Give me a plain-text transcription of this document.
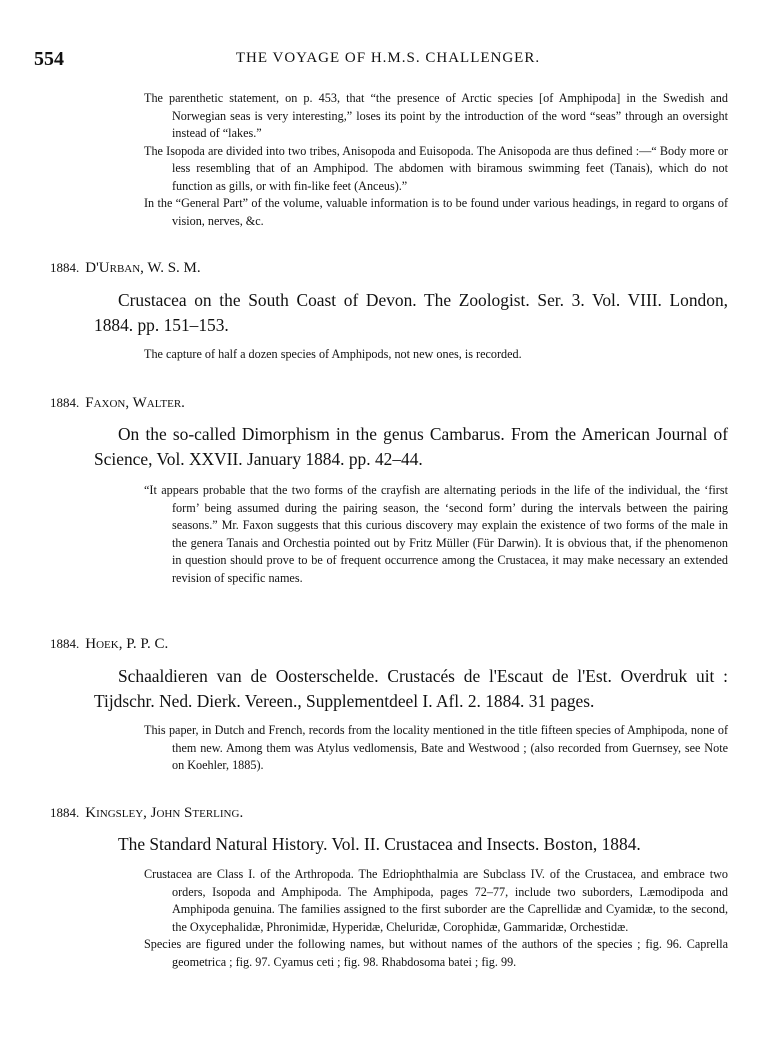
554	THE VOYAGE OF H.M.S. CHALLENGER.

The parenthetic statement, on p. 453, that “the presence of Arctic species [of Amphipoda] in the Swedish and Norwegian seas is very interesting,” loses its point by the introduction of the word “seas” through an oversight instead of “lakes.”

The Isopoda are divided into two tribes, Anisopoda and Euisopoda. The Anisopoda are thus defined :—“ Body more or less resembling that of an Amphipod. The abdomen with biramous swimming feet (Tanais), which do not function as gills, or with fin-like feet (Anceus).”

In the “General Part” of the volume, valuable information is to be found under various headings, in regard to organs of vision, nerves, &c.

1884. D'Urban, W. S. M.

Crustacea on the South Coast of Devon. The Zoologist. Ser. 3. Vol. VIII. London, 1884. pp. 151–153.

The capture of half a dozen species of Amphipods, not new ones, is recorded.

1884. Faxon, Walter.

On the so-called Dimorphism in the genus Cambarus. From the American Journal of Science, Vol. XXVII. January 1884. pp. 42–44.

“It appears probable that the two forms of the crayfish are alternating periods in the life of the individual, the ‘first form’ being assumed during the pairing season, the ‘second form’ during the intervals between the pairing seasons.” Mr. Faxon suggests that this curious discovery may explain the existence of two forms of the male in the genera Tanais and Orchestia pointed out by Fritz Müller (Für Darwin). It is obvious that, if the phenomenon in question should prove to be of frequent occurrence among the Crustacea, it may make necessary an extended revision of specific names.

1884. Hoek, P. P. C.

Schaaldieren van de Oosterschelde. Crustacés de l'Escaut de l'Est. Overdruk uit : Tijdschr. Ned. Dierk. Vereen., Supplementdeel I. Afl. 2. 1884. 31 pages.

This paper, in Dutch and French, records from the locality mentioned in the title fifteen species of Amphipoda, none of them new. Among them was Atylus vedlomensis, Bate and Westwood ; (also recorded from Guernsey, see Note on Koehler, 1885).

1884. Kingsley, John Sterling.

The Standard Natural History. Vol. II. Crustacea and Insects. Boston, 1884.

Crustacea are Class I. of the Arthropoda. The Edriophthalmia are Subclass IV. of the Crustacea, and embrace two orders, Isopoda and Amphipoda. The Amphipoda, pages 72–77, include two suborders, Læmodipoda and Amphipoda genuina. The families assigned to the first suborder are the Caprellidæ and Cyamidæ, to the second, the Oxycephalidæ, Phronimidæ, Hyperidæ, Cheluridæ, Corophidæ, Gammaridæ, Orchestidæ.

Species are figured under the following names, but without names of the authors of the species ; fig. 96. Caprella geometrica ; fig. 97. Cyamus ceti ; fig. 98. Rhabdosoma batei ; fig. 99.
